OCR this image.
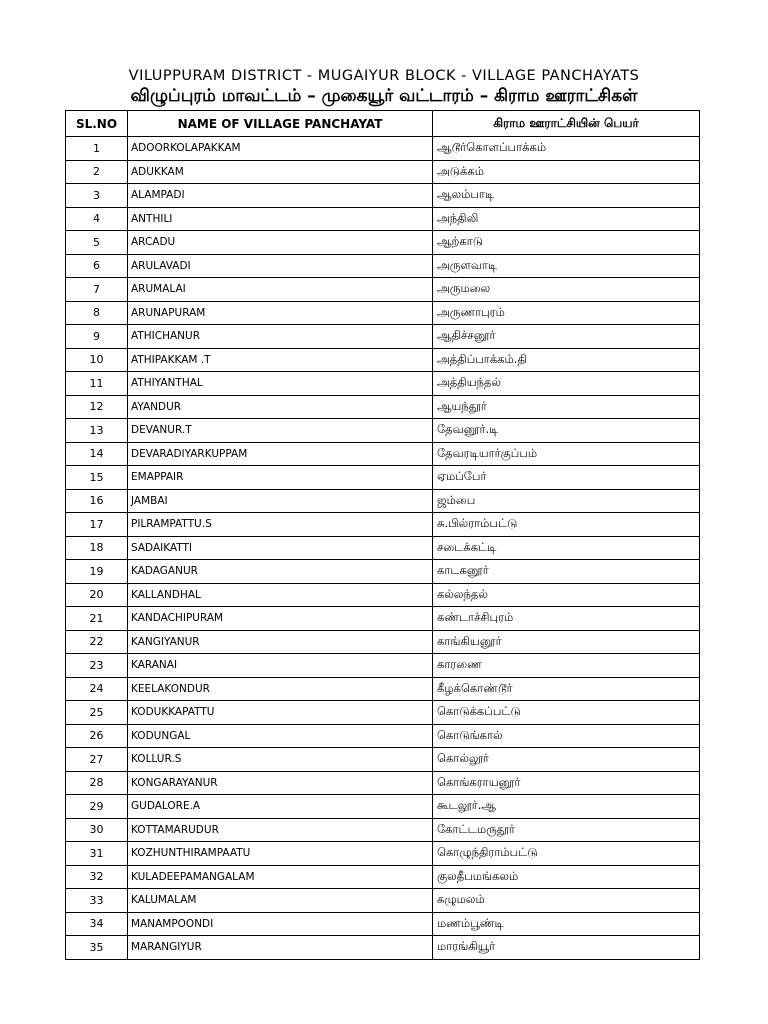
VILUPPURAM DISTRICT - MUGAIYUR BLOCK - VILLAGE PANCHAYATS
விழுப்புரம் மாவட்டம் – முகையூர் வட்டாரம் – கிராம ஊராட்சிகள்
SL.NO	NAME OF VILLAGE PANCHAYAT	கிராம ஊராட்சியின் பெயர்
1	ADOORKOLAPAKKAM	ஆடூர்கொளப்பாக்கம்
2	ADUKKAM	அடுக்கம்
3	ALAMPADI	ஆலம்பாடி
4	ANTHILI	அந்திலி
5	ARCADU	ஆற்காடு
6	ARULAVADI	அருளவாடி
7	ARUMALAI	அருமலை
8	ARUNAPURAM	அருணாபுரம்
9	ATHICHANUR	ஆதிச்சனூர்
10	ATHIPAKKAM .T	அத்திப்பாக்கம்.தி
11	ATHIYANTHAL	அத்தியந்தல்
12	AYANDUR	ஆயந்தூர்
13	DEVANUR.T	தேவனூர்.டி
14	DEVARADIYARKUPPAM	தேவரடியார்குப்பம்
15	EMAPPAIR	ஏமப்பேர்
16	JAMBAI	ஜம்பை
17	PILRAMPATTU.S	சு.பில்ராம்பட்டு
18	SADAIKATTI	சடைக்கட்டி
19	KADAGANUR	காடகனூர்
20	KALLANDHAL	கல்லந்தல்
21	KANDACHIPURAM	கண்டாச்சிபுரம்
22	KANGIYANUR	காங்கியனூர்
23	KARANAI	காரணை
24	KEELAKONDUR	கீழக்கொண்டூர்
25	KODUKKAPATTU	கொடுக்கப்பட்டு
26	KODUNGAL	கொடுங்கால்
27	KOLLUR.S	கொல்லூர்
28	KONGARAYANUR	கொங்கராயனூர்
29	GUDALORE.A	கூடலூர்.ஆ
30	KOTTAMARUDUR	கோட்டமருதூர்
31	KOZHUNTHIRAMPAATU	கொழுந்திராம்பட்டு
32	KULADEEPAMANGALAM	குலதீபமங்கலம்
33	KALUMALAM	கழுமலம்
34	MANAMPOONDI	மணம்பூண்டி
35	MARANGIYUR	மாரங்கியூர்
